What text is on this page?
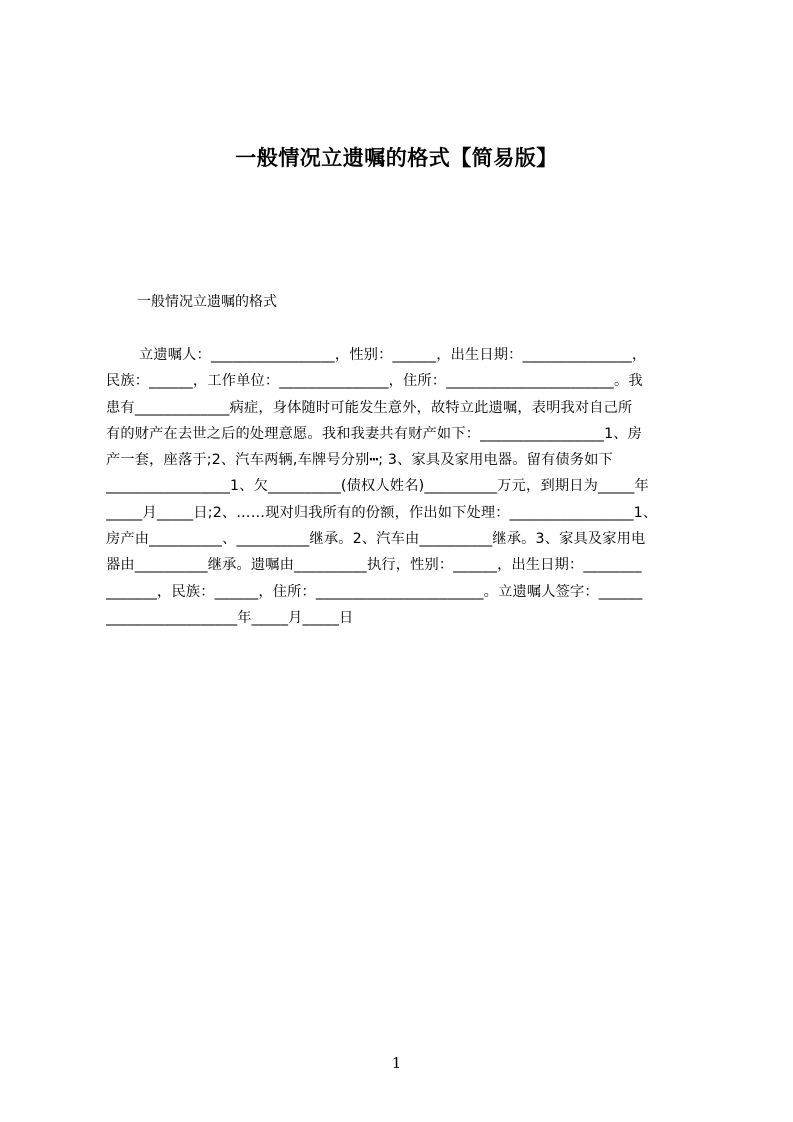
一般情况立遗嘱的格式【简易版】
一般情况立遗嘱的格式
立遗嘱人：_________________，性别：______，出生日期：_______________，
民族：______，工作单位：_______________，住所：_______________________。我
患有_____________病症，身体随时可能发生意外，故特立此遗嘱，表明我对自己所
有的财产在去世之后的处理意愿。我和我妻共有财产如下：_________________1、房
产一套，座落于;2、汽车两辆,车牌号分别┅; 3、家具及家用电器。留有债务如下
_________________1、欠__________(债权人姓名)__________万元，到期日为_____年
_____月_____日;2、……现对归我所有的份额，作出如下处理：_________________1、
房产由__________、__________继承。2、汽车由__________继承。3、家具及家用电
器由__________继承。遗嘱由__________执行，性别：______，出生日期：________
_______，民族：______，住所：_______________________。立遗嘱人签字：______
__________________年_____月_____日
1
